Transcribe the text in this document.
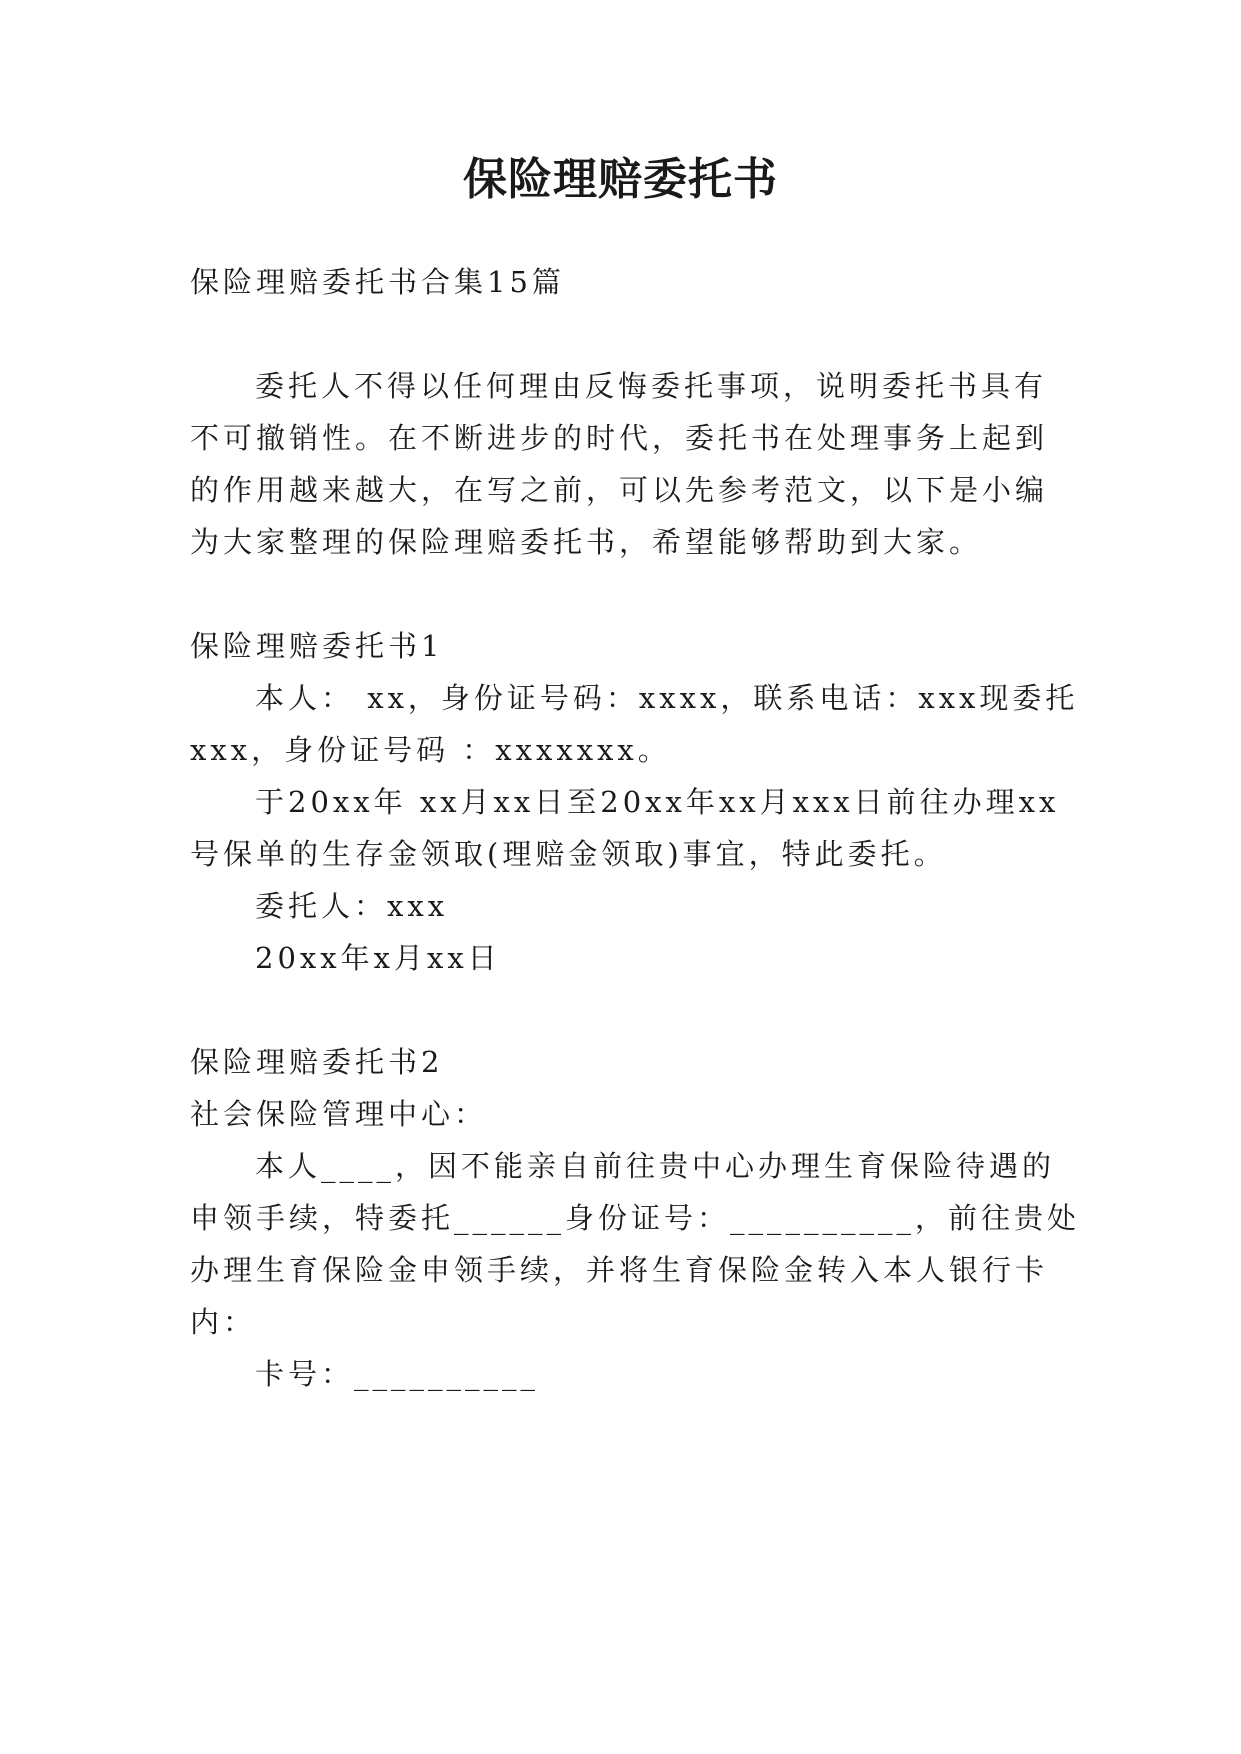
保险理赔委托书
保险理赔委托书合集15篇
委托人不得以任何理由反悔委托事项，说明委托书具有
不可撤销性。在不断进步的时代，委托书在处理事务上起到
的作用越来越大，在写之前，可以先参考范文，以下是小编
为大家整理的保险理赔委托书，希望能够帮助到大家。
保险理赔委托书1
本人： xx，身份证号码：xxxx，联系电话：xxx现委托
xxx，身份证号码 ：xxxxxxx。
于20xx年 xx月xx日至20xx年xx月xxx日前往办理xx
号保单的生存金领取(理赔金领取)事宜，特此委托。
委托人：xxx
20xx年x月xx日
保险理赔委托书2
社会保险管理中心：
本人____，因不能亲自前往贵中心办理生育保险待遇的
申领手续，特委托______身份证号：__________，前往贵处
办理生育保险金申领手续，并将生育保险金转入本人银行卡
内：
卡号：__________
